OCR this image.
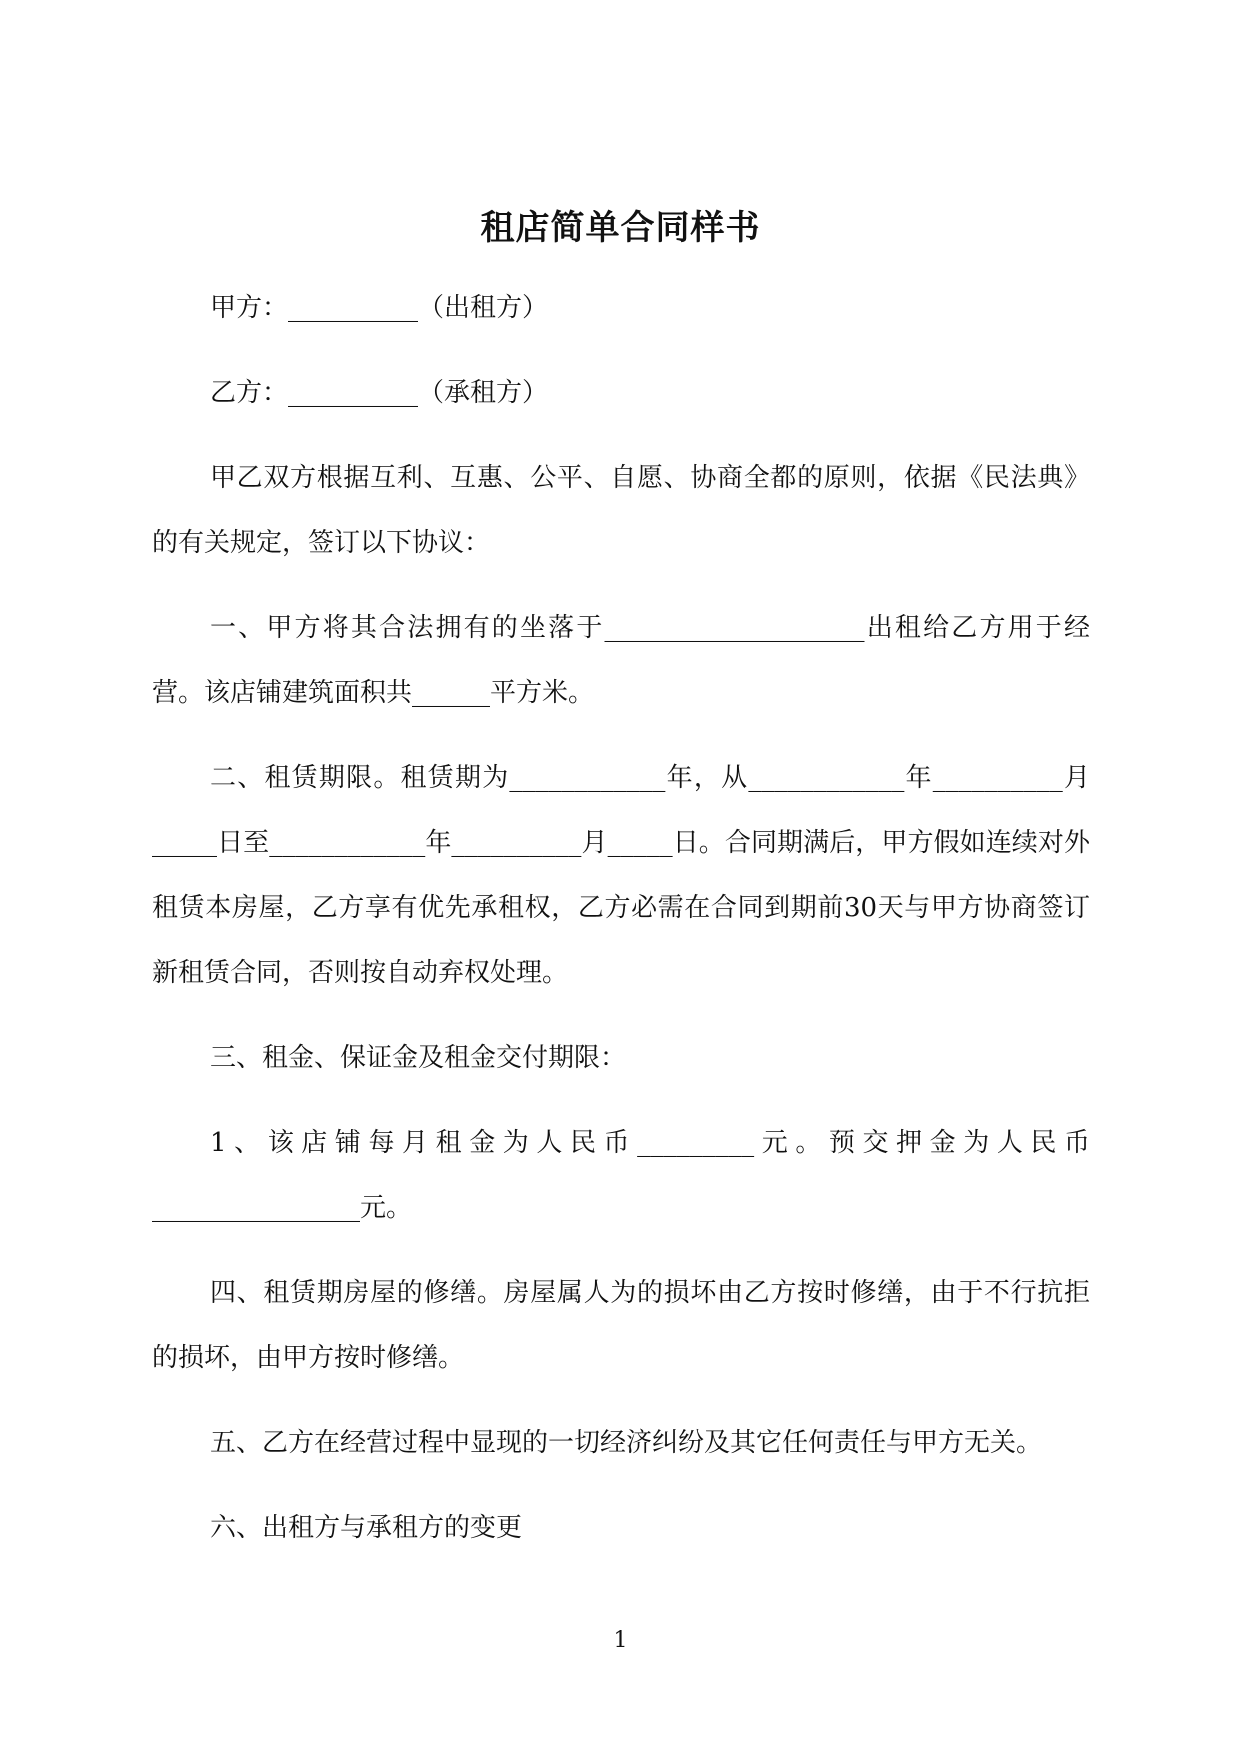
租店简单合同样书

甲方：__________（出租方）

乙方：__________（承租方）

甲乙双方根据互利、互惠、公平、自愿、协商全都的原则，依据《民法典》的有关规定，签订以下协议：

一、甲方将其合法拥有的坐落于____________________出租给乙方用于经营。该店铺建筑面积共______平方米。

二、租赁期限。租赁期为____________年，从____________年__________月_____日至____________年__________月_____日。合同期满后，甲方假如连续对外租赁本房屋，乙方享有优先承租权，乙方必需在合同到期前30天与甲方协商签订新租赁合同，否则按自动弃权处理。

三、租金、保证金及租金交付期限：

1、该店铺每月租金为人民币_________元。预交押金为人民币________________元。

四、租赁期房屋的修缮。房屋属人为的损坏由乙方按时修缮，由于不行抗拒的损坏，由甲方按时修缮。

五、乙方在经营过程中显现的一切经济纠纷及其它任何责任与甲方无关。

六、出租方与承租方的变更

1
